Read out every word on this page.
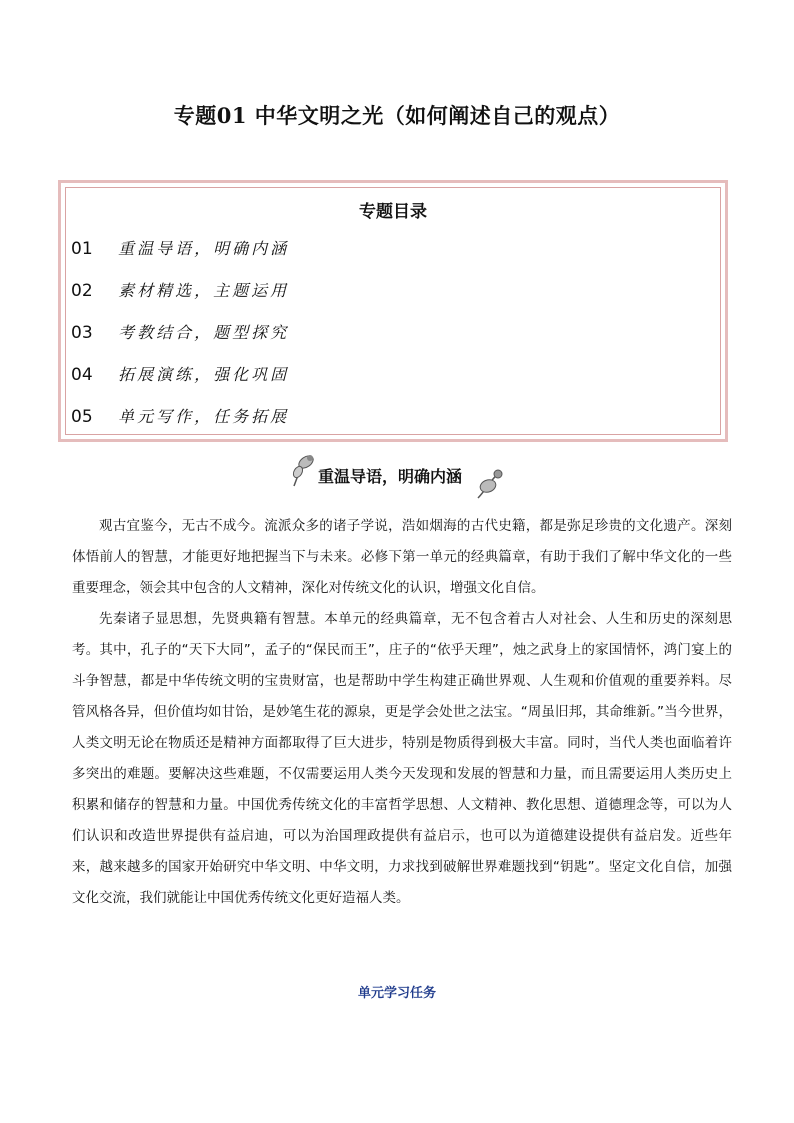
专题01 中华文明之光（如何阐述自己的观点）
专题目录
01 重温导语，明确内涵
02 素材精选，主题运用
03 考教结合，题型探究
04 拓展演练，强化巩固
05 单元写作，任务拓展
重温导语，明确内涵

观古宜鉴今，无古不成今。流派众多的诸子学说，浩如烟海的古代史籍，都是弥足珍贵的文化遗产。深刻体悟前人的智慧，才能更好地把握当下与未来。必修下第一单元的经典篇章，有助于我们了解中华文化的一些重要理念，领会其中包含的人文精神，深化对传统文化的认识，增强文化自信。

先秦诸子显思想，先贤典籍有智慧。本单元的经典篇章，无不包含着古人对社会、人生和历史的深刻思考。其中，孔子的“天下大同”，孟子的“保民而王”，庄子的“依乎天理”，烛之武身上的家国情怀，鸿门宴上的斗争智慧，都是中华传统文明的宝贵财富，也是帮助中学生构建正确世界观、人生观和价值观的重要养料。尽管风格各异，但价值均如甘饴，是妙笔生花的源泉，更是学会处世之法宝。“周虽旧邦，其命维新。”当今世界，人类文明无论在物质还是精神方面都取得了巨大进步，特别是物质得到极大丰富。同时，当代人类也面临着许多突出的难题。要解决这些难题，不仅需要运用人类今天发现和发展的智慧和力量，而且需要运用人类历史上积累和储存的智慧和力量。中国优秀传统文化的丰富哲学思想、人文精神、教化思想、道德理念等，可以为人们认识和改造世界提供有益启迪，可以为治国理政提供有益启示，也可以为道德建设提供有益启发。近些年来，越来越多的国家开始研究中华文明、中华文明，力求找到破解世界难题找到“钥匙”。坚定文化自信，加强文化交流，我们就能让中国优秀传统文化更好造福人类。

单元学习任务
